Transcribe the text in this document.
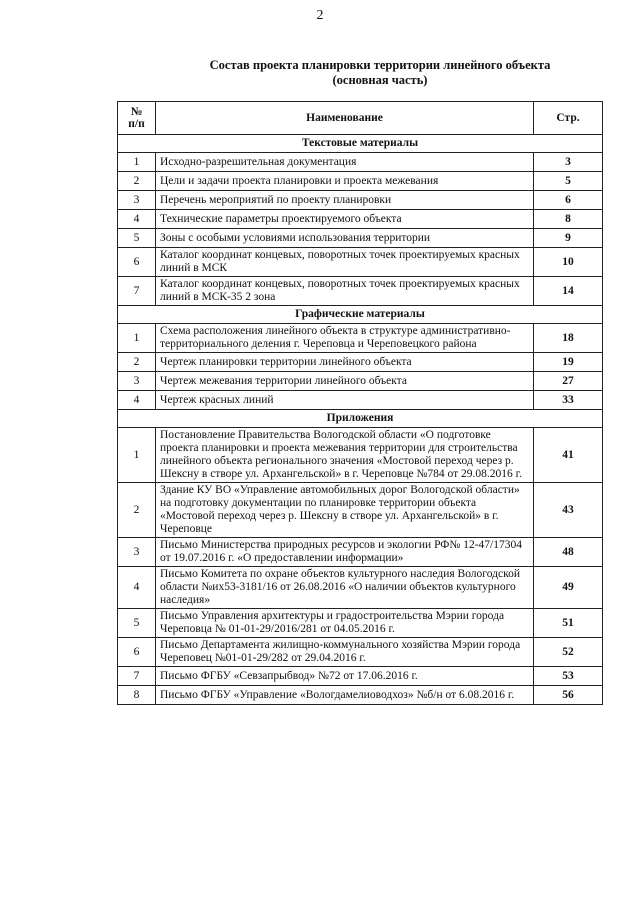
2
Состав проекта планировки территории линейного объекта
(основная часть)
№
п/п	Наименование	Стр.
Текстовые материалы		
1	Исходно-разрешительная документация	3
2	Цели и задачи проекта планировки и проекта межевания	5
3	Перечень мероприятий по проекту планировки	6
4	Технические параметры проектируемого объекта	8
5	Зоны с особыми условиями использования территории	9
6	Каталог координат концевых, поворотных точек проектируемых красных линий в МСК	10
7	Каталог координат концевых, поворотных точек проектируемых красных линий в МСК-35 2 зона	14
Графические материалы		
1	Схема расположения линейного объекта в структуре административно-территориального деления г. Череповца и Череповецкого района	18
2	Чертеж планировки территории линейного объекта	19
3	Чертеж межевания территории линейного объекта	27
4	Чертеж красных линий	33
Приложения		
1	Постановление Правительства Вологодской области «О подготовке проекта планировки и проекта межевания территории для строительства линейного объекта регионального значения «Мостовой переход через р. Шексну в створе ул. Архангельской» в г. Череповце №784 от 29.08.2016 г.	41
2	Здание КУ ВО «Управление автомобильных дорог Вологодской области» на подготовку документации по планировке территории объекта «Мостовой переход через р. Шексну в створе ул. Архангельской» в г. Череповце	43
3	Письмо Министерства природных ресурсов и экологии РФ№ 12-47/17304 от 19.07.2016 г. «О предоставлении информации»	48
4	Письмо Комитета по охране объектов культурного наследия Вологодской области №их53-3181/16 от 26.08.2016 «О наличии объектов культурного наследия»	49
5	Письмо Управления архитектуры и градостроительства Мэрии города Череповца № 01-01-29/2016/281 от 04.05.2016 г.	51
6	Письмо Департамента жилищно-коммунального хозяйства Мэрии города Череповец №01-01-29/282 от 29.04.2016 г.	52
7	Письмо ФГБУ «Севзапрыбвод» №72 от 17.06.2016 г.	53
8	Письмо ФГБУ «Управление «Вологдамелиоводхоз» №б/н от 6.08.2016 г.	56
